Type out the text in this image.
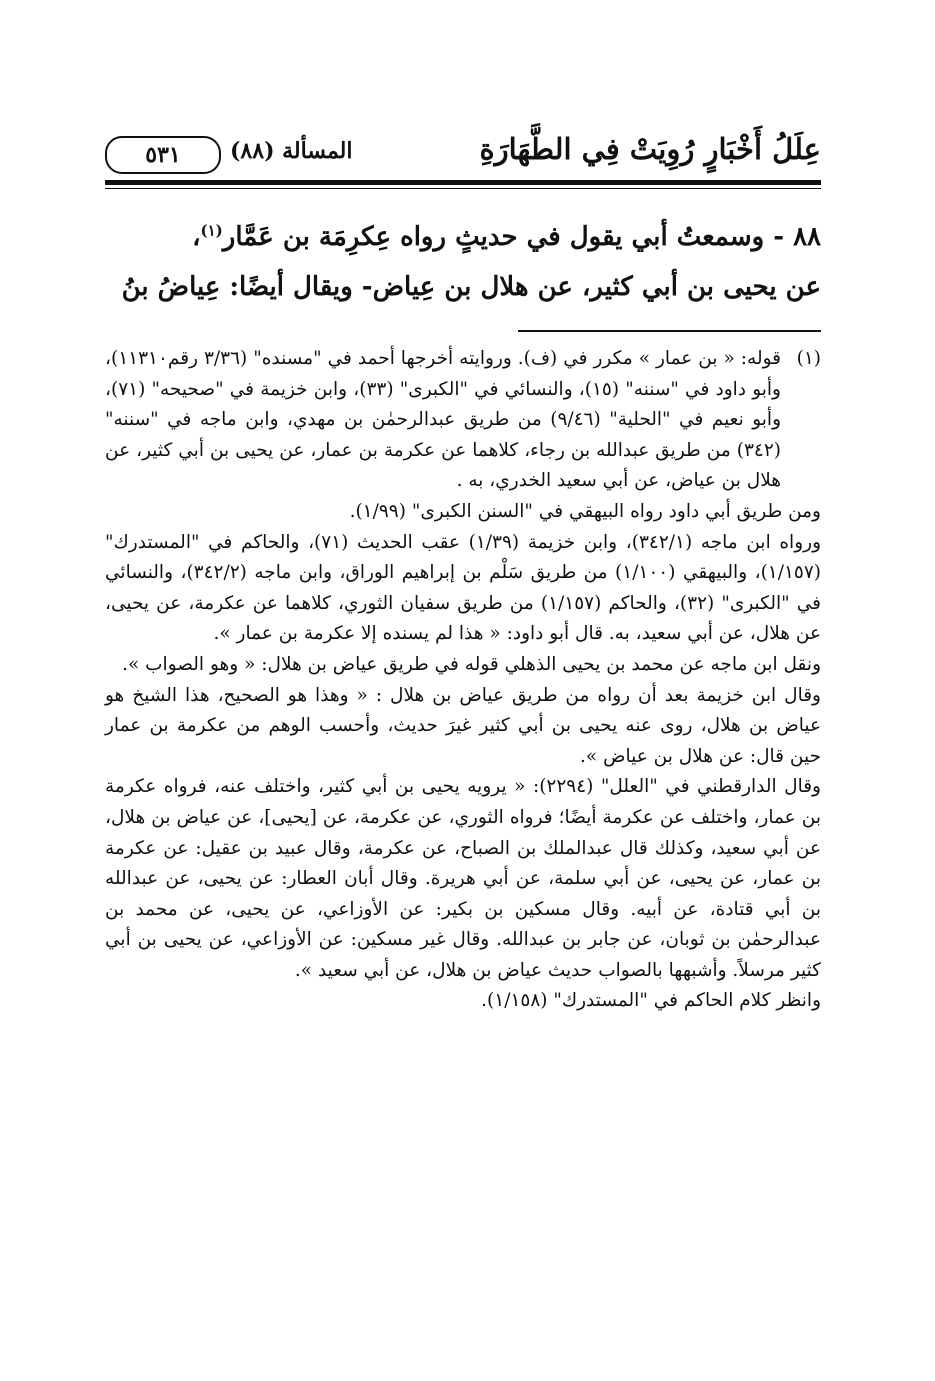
عِلَلُ أَخْبَارٍ رُوِيَتْ فِي الطَّهَارَةِ
المسألة (٨٨)
٥٣١

٨٨ - وسمعتُ أبي يقول في حديثٍ رواه عِكرِمَة بن عَمَّار$^{(١)}$،

عن يحيى بن أبي كثير، عن هلال بن عِياض- ويقال أيضًا: عِياضُ بنُ

(١)
قوله: « بن عمار » مكرر في (ف). وروايته أخرجها أحمد في "مسنده" (٣/٣٦ رقم١١٣١٠)، وأبو داود في "سننه" (١٥)، والنسائي في "الكبرى" (٣٣)، وابن خزيمة في "صحيحه" (٧١)، وأبو نعيم في "الحلية" (٩/٤٦) من طريق عبدالرحمٰن بن مهدي، وابن ماجه في "سننه" (٣٤٢) من طريق عبدالله بن رجاء، كلاهما عن عكرمة بن عمار، عن يحيى بن أبي كثير، عن هلال بن عياض، عن أبي سعيد الخدري، به .

ومن طريق أبي داود رواه البيهقي في "السنن الكبرى" (١/٩٩).

ورواه ابن ماجه (٣٤٢/١)، وابن خزيمة (١/٣٩) عقب الحديث (٧١)، والحاكم في "المستدرك" (١/١٥٧)، والبيهقي (١/١٠٠) من طريق سَلْم بن إبراهيم الوراق، وابن ماجه (٣٤٢/٢)، والنسائي في "الكبرى" (٣٢)، والحاكم (١/١٥٧) من طريق سفيان الثوري، كلاهما عن عكرمة، عن يحيى، عن هلال، عن أبي سعيد، به. قال أبو داود: « هذا لم يسنده إلا عكرمة بن عمار ».

ونقل ابن ماجه عن محمد بن يحيى الذهلي قوله في طريق عياض بن هلال: « وهو الصواب ».

وقال ابن خزيمة بعد أن رواه من طريق عياض بن هلال : « وهذا هو الصحيح، هذا الشيخ هو عياض بن هلال، روى عنه يحيى بن أبي كثير غيرَ حديث، وأحسب الوهم من عكرمة بن عمار حين قال: عن هلال بن عياض ».

وقال الدارقطني في "العلل" (٢٢٩٤): « يرويه يحيى بن أبي كثير، واختلف عنه، فرواه عكرمة بن عمار، واختلف عن عكرمة أيضًا؛ فرواه الثوري، عن عكرمة، عن [يحيى]، عن عياض بن هلال، عن أبي سعيد، وكذلك قال عبدالملك بن الصباح، عن عكرمة، وقال عبيد بن عقيل: عن عكرمة بن عمار، عن يحيى، عن أبي سلمة، عن أبي هريرة. وقال أبان العطار: عن يحيى، عن عبدالله بن أبي قتادة، عن أبيه. وقال مسكين بن بكير: عن الأوزاعي، عن يحيى، عن محمد بن عبدالرحمٰن بن ثوبان، عن جابر بن عبدالله. وقال غير مسكين: عن الأوزاعي، عن يحيى بن أبي كثير مرسلاً. وأشبهها بالصواب حديث عياض بن هلال، عن أبي سعيد ».

وانظر كلام الحاكم في "المستدرك" (١/١٥٨).
